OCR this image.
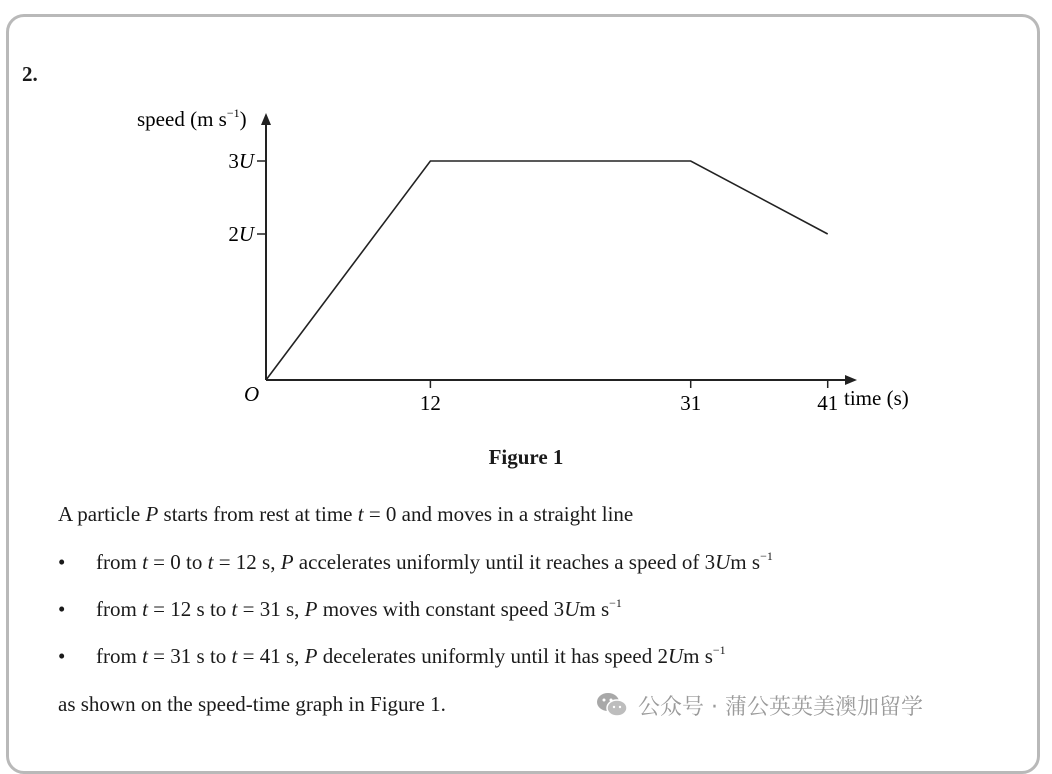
2.
12	31	41
2U
3U
O	time (s)
speed (m $s^{-1}$)
Figure 1
A particle P starts from rest at time t = 0 and moves in a straight line
• from t = 0 to t = 12 s, P accelerates uniformly until it reaches a speed of 3Um $s^{-1}$
• from t = 12 s to t = 31 s, P moves with constant speed 3Um $s^{-1}$
• from t = 31 s to t = 41 s, P decelerates uniformly until it has speed 2Um $s^{-1}$
as shown on the speed-time graph in Figure 1.	公众号 · 蒲公英英美澳加留学
